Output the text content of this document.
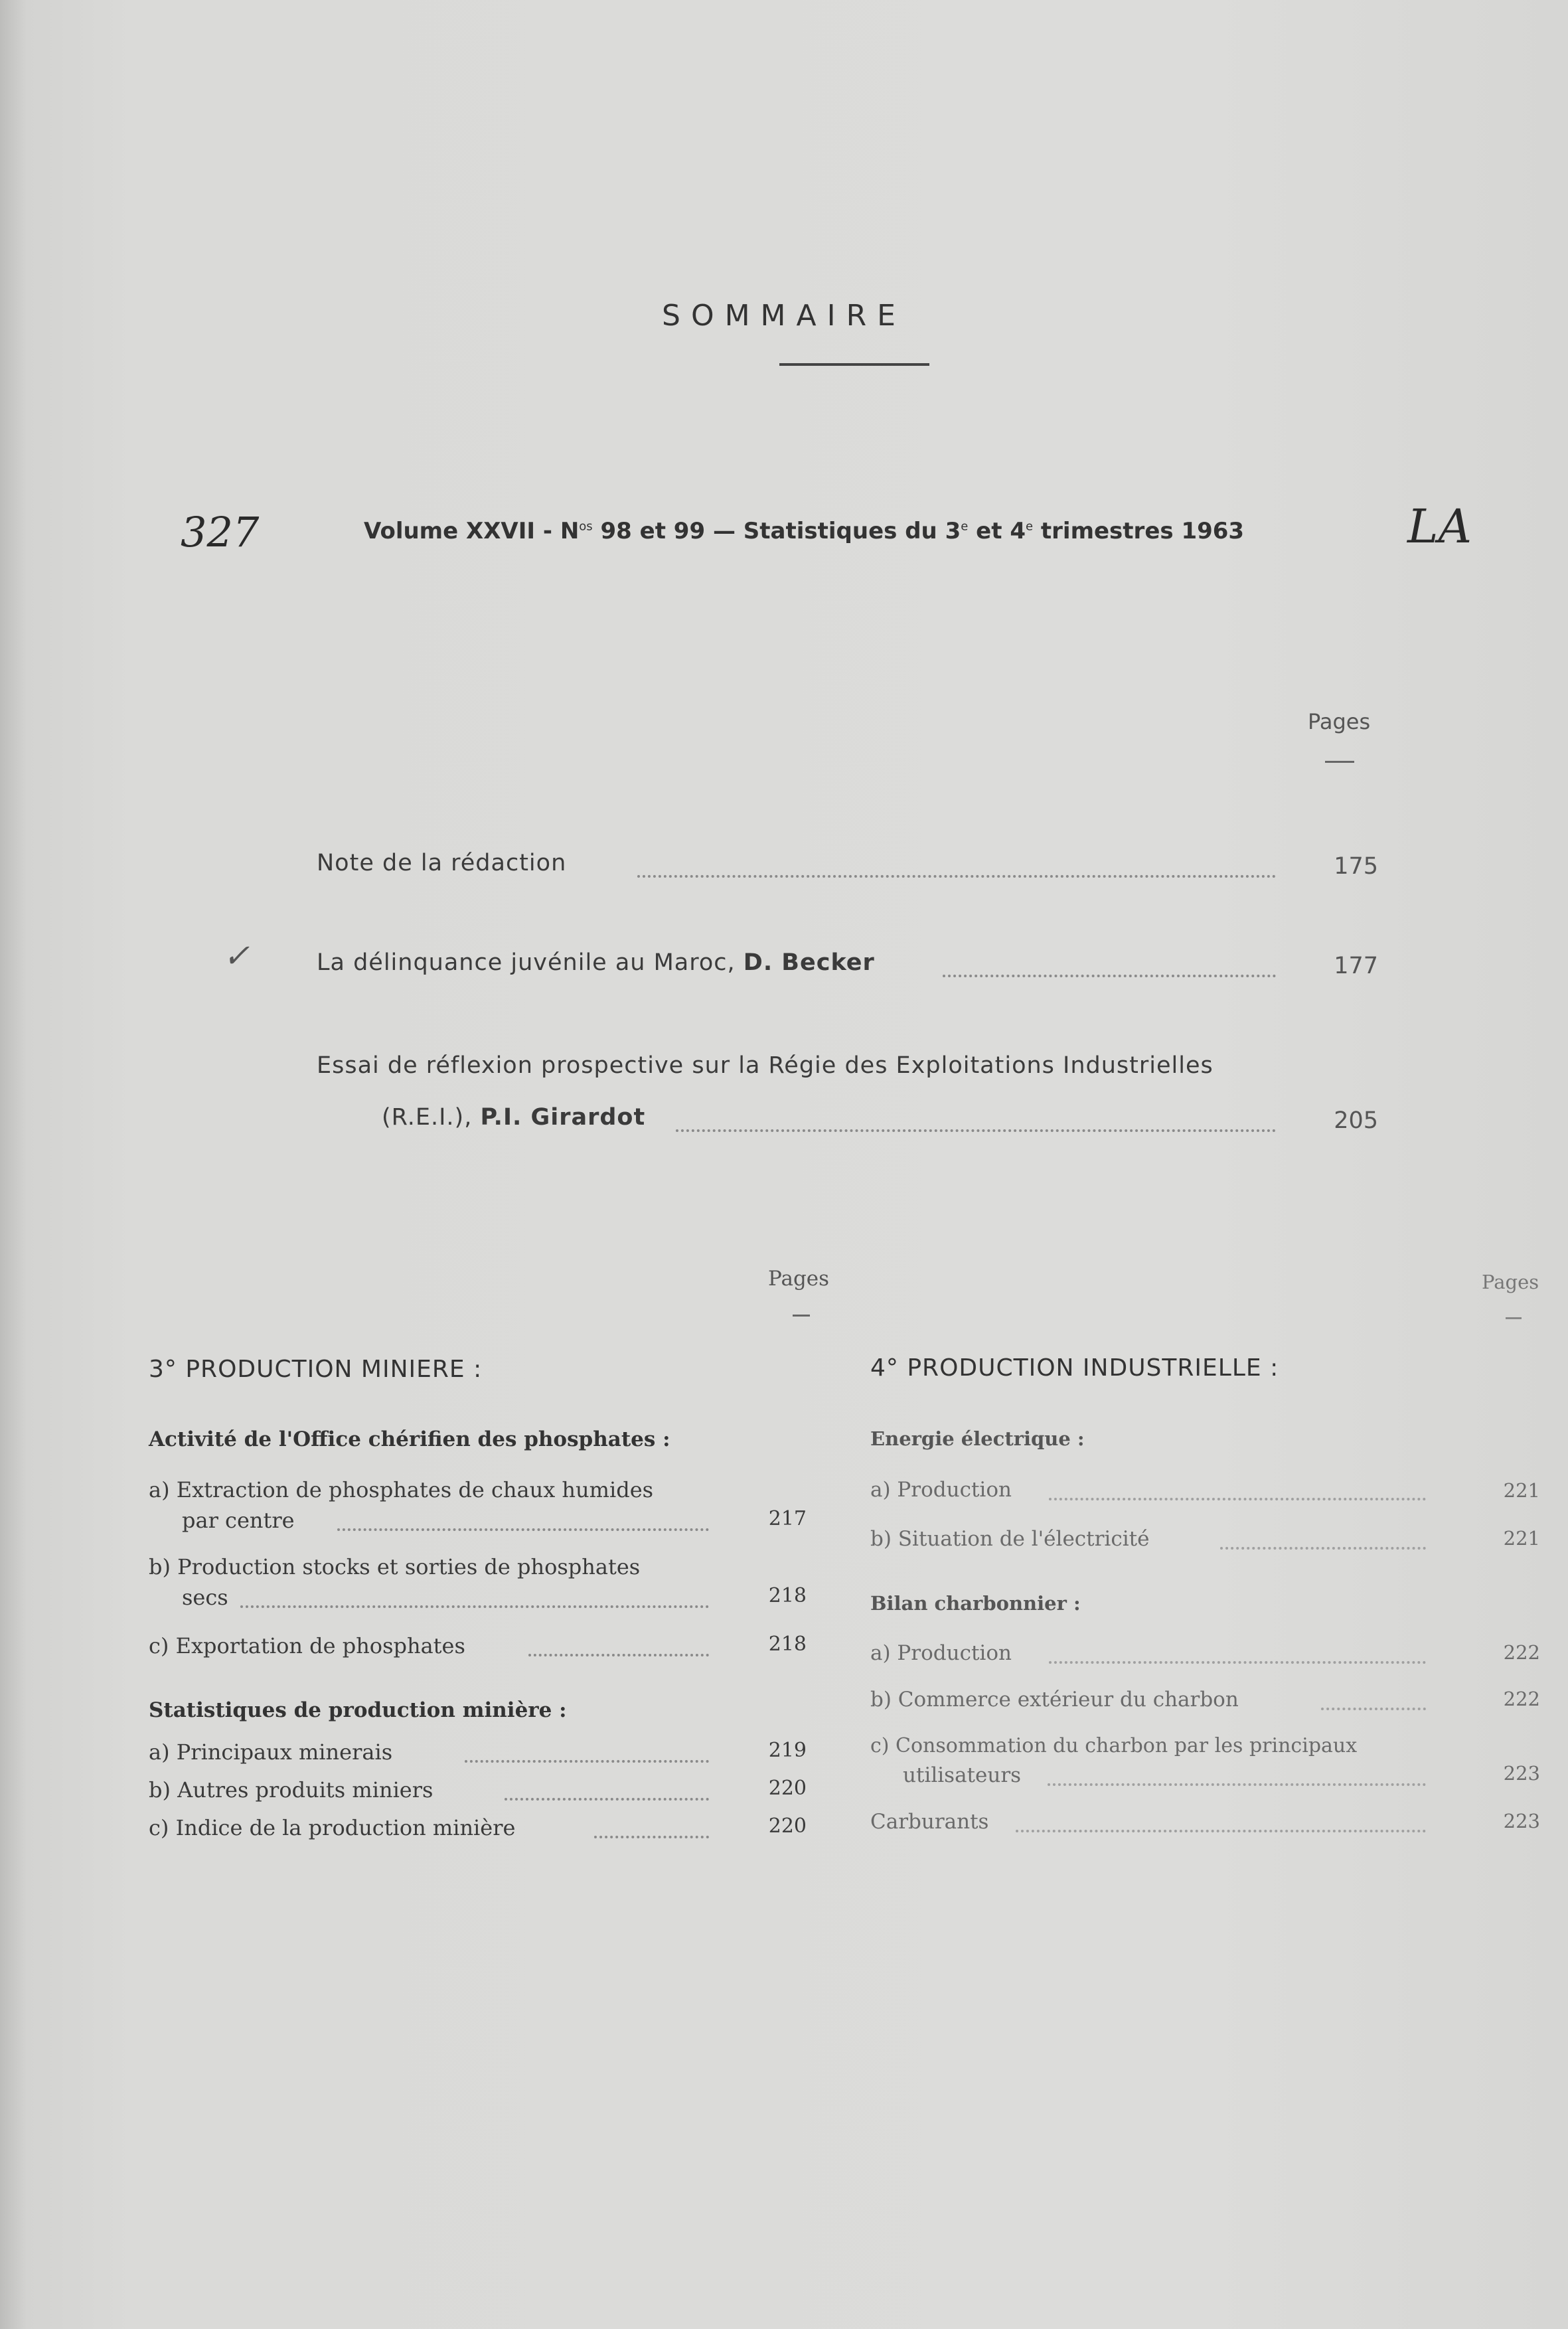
SOMMAIRE
327	LA
✓
Volume XXVII - $N^{os}$ 98 et 99 — Statistiques du 3e et 4e trimestres 1963
Pages
Note de la rédaction	175
La délinquance juvénile au Maroc, D. Becker	177
Essai de réflexion prospective sur la Régie des Exploitations Industrielles
(R.E.I.), P.I. Girardot	205
Pages	Pages
3° PRODUCTION MINIERE :
Activité de l'Office chérifien des phosphates :
a) Extraction de phosphates de chaux humides
par centre	217
b) Production stocks et sorties de phosphates
secs	218
c) Exportation de phosphates	218
Statistiques de production minière :
a) Principaux minerais	219
b) Autres produits miniers	220
c) Indice de la production minière	220
4° PRODUCTION INDUSTRIELLE :
Energie électrique :
a) Production	221
b) Situation de l'électricité	221
Bilan charbonnier :
a) Production	222
b) Commerce extérieur du charbon	222
c) Consommation du charbon par les principaux
utilisateurs	223
Carburants	223
